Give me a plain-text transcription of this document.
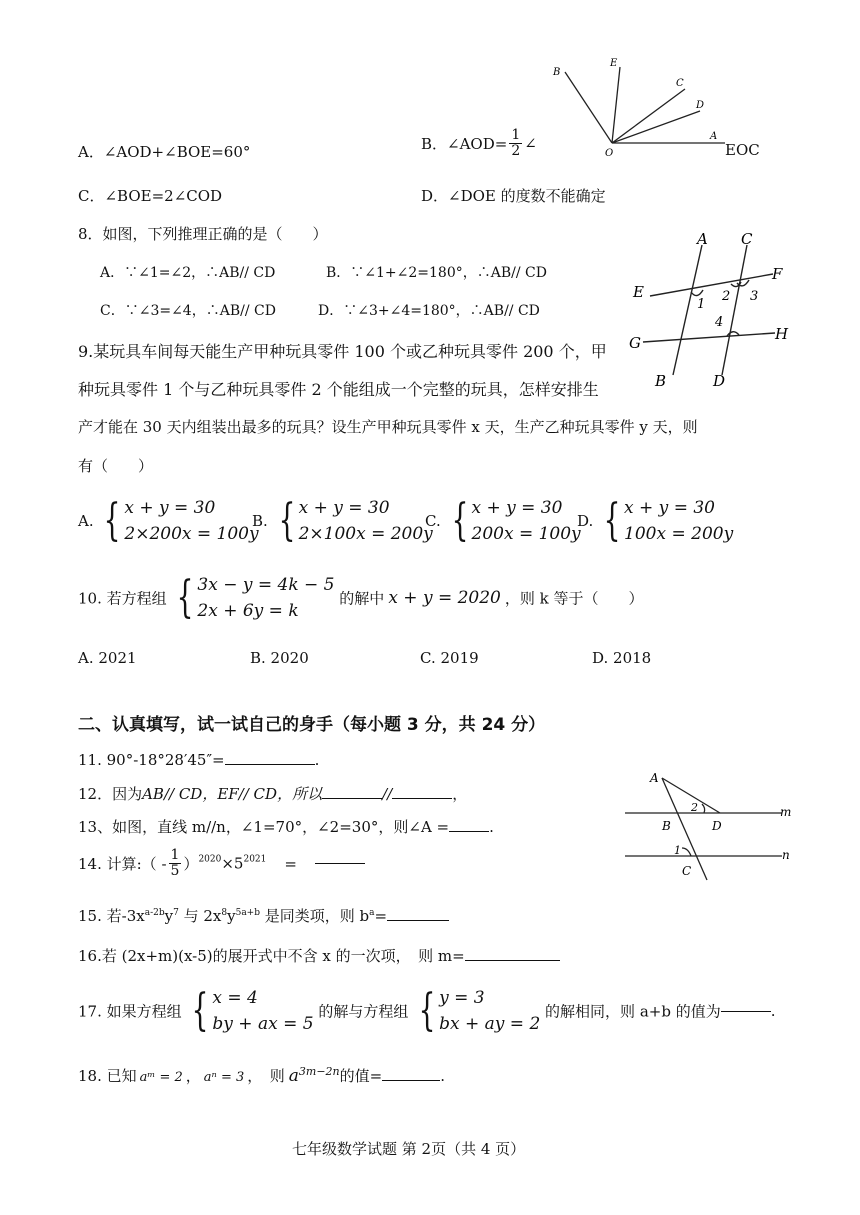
B
E
C
D
A
O
A．∠AOD+∠BOE=60°	B．∠AOD= $\frac{1}{2}$ ∠	EOC
C．∠BOE=2∠COD	D．∠DOE 的度数不能确定
8．如图，下列推理正确的是（　　）
A．∵∠1=∠2，∴AB// CD	B．∵∠1+∠2=180°，∴AB// CD
C．∵∠3=∠4，∴AB// CD	D．∵∠3+∠4=180°，∴AB// CD
A C
E
F
1
2 3
4
G	H
B	D
9.某玩具车间每天能生产甲种玩具零件 100 个或乙种玩具零件 200 个，甲
种玩具零件 1 个与乙种玩具零件 2 个能组成一个完整的玩具，怎样安排生
产才能在 30 天内组装出最多的玩具？设生产甲种玩具零件 x 天，生产乙种玩具零件 y 天，则
有（　　）
A. { x + y = 30
2×200x = 100y
B. { x + y = 30
2×100x = 200y
C. { x + y = 30
200x = 100y
D. { x + y = 30
100x = 200y
10. 若方程组 { 3x − y = 4k − 5
2x + 6y = k
的解中 x + y = 2020 ，则 k 等于（　　）
A. 2021	B. 2020	C. 2019	D. 2018
二、认真填写，试一试自己的身手（每小题 3 分，共 24 分）
11. 90°-18°28′45″=	.
12．因为AB// CD，EF// CD，所以	//	，
13、如图，直线 m//n，∠1=70°，∠2=30°，则∠A =	.
A
2	m
B	D
1	n
C
14. 计算:（ - $\frac{1}{5} )^{2020}\times 5^{2021}$ =
15. 若$-3x^{a-2b}y^7$ 与 $2x^8y^{5a+b}$ 是同类项，则 $b^a=$
16.若 (2x+m)(x-5)的展开式中不含 x 的一次项，　则 m=
17. 如果方程组 { x = 4
by + ax = 5
的解与方程组 { y = 3
bx + ay = 2
的解相同，则 a+b 的值为	.
18. 已知 aᵐ = 2 ， aⁿ = 3 ，　则 $a^{3m-2n}$的值=	.
七年级数学试题 第 2页（共 4 页）
